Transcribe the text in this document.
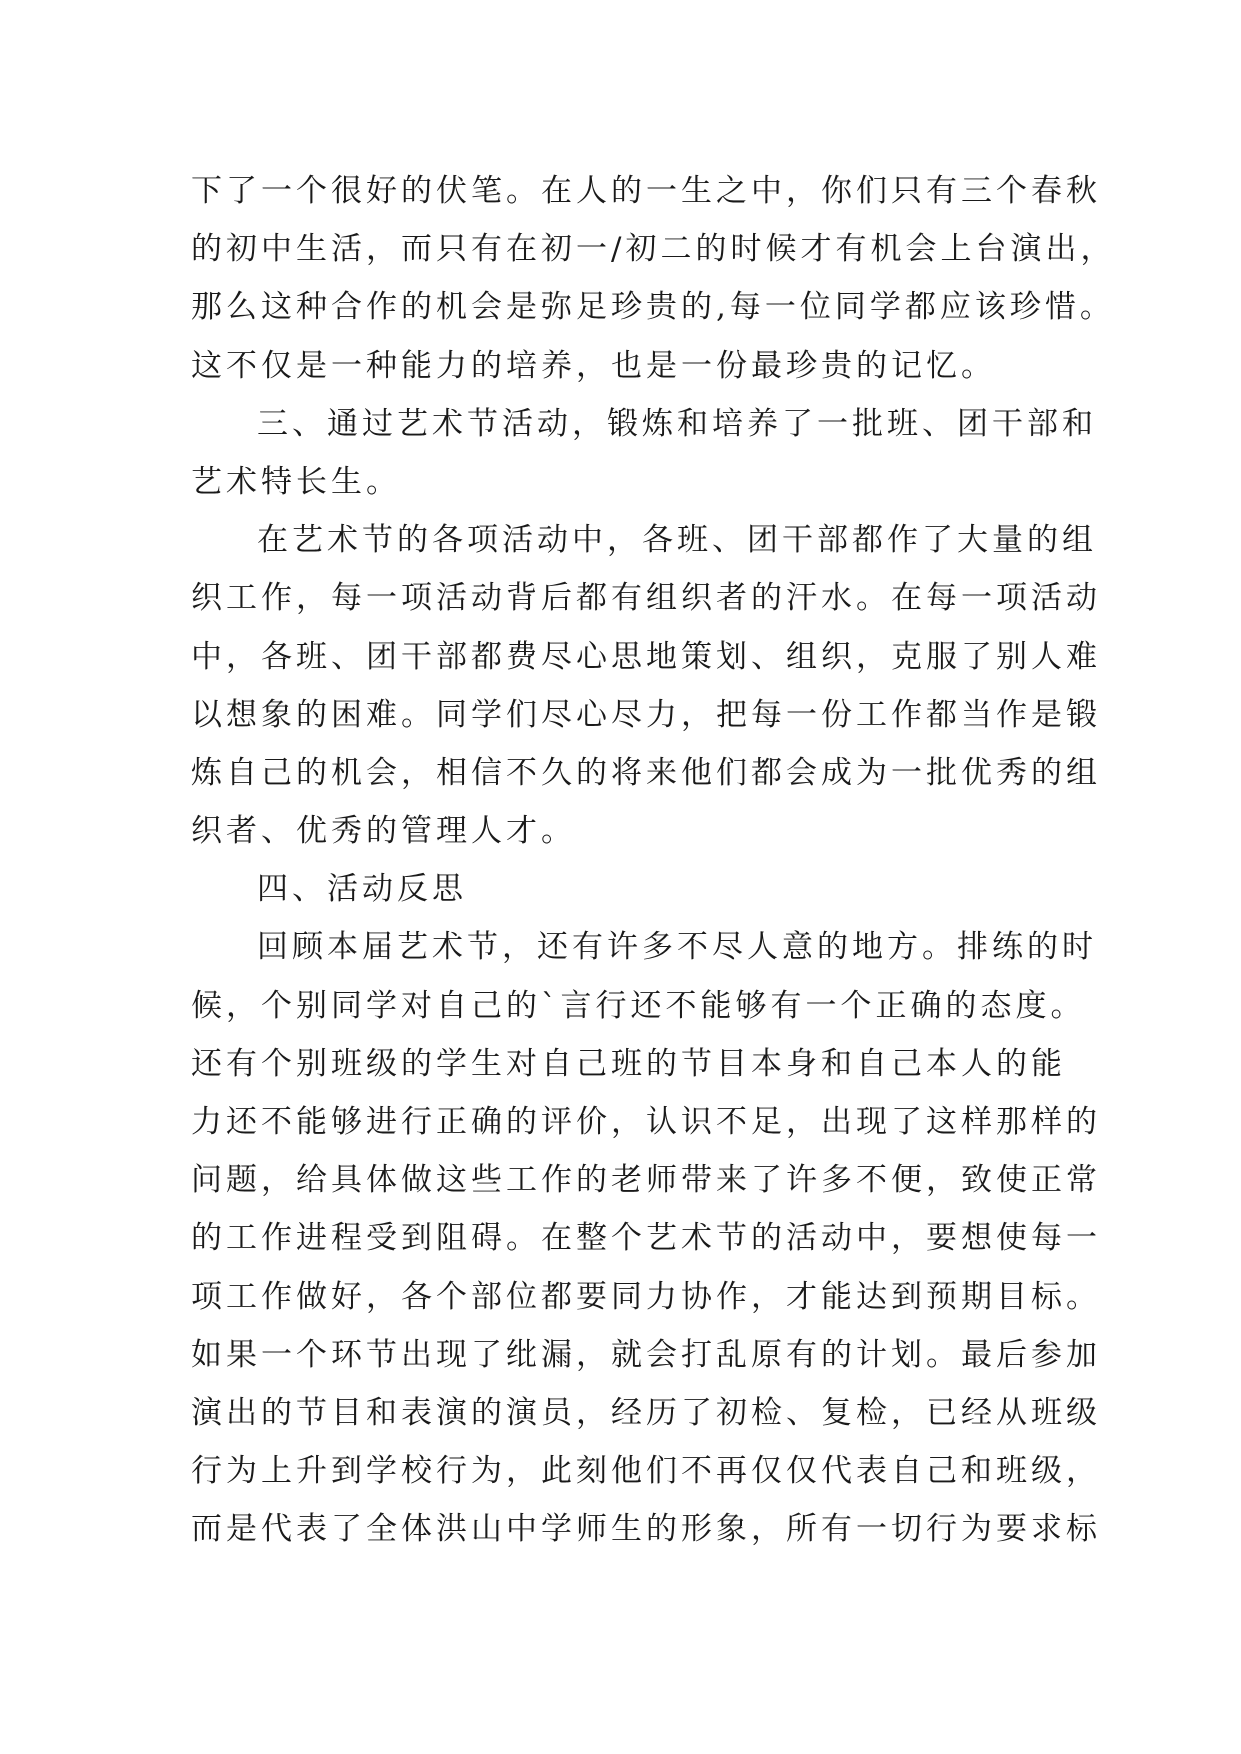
下了一个很好的伏笔。在人的一生之中，你们只有三个春秋
的初中生活，而只有在初一/初二的时候才有机会上台演出，
那么这种合作的机会是弥足珍贵的,每一位同学都应该珍惜。
这不仅是一种能力的培养，也是一份最珍贵的记忆。
三、通过艺术节活动，锻炼和培养了一批班、团干部和
艺术特长生。
在艺术节的各项活动中，各班、团干部都作了大量的组
织工作，每一项活动背后都有组织者的汗水。在每一项活动
中，各班、团干部都费尽心思地策划、组织，克服了别人难
以想象的困难。同学们尽心尽力，把每一份工作都当作是锻
炼自己的机会，相信不久的将来他们都会成为一批优秀的组
织者、优秀的管理人才。
四、活动反思
回顾本届艺术节，还有许多不尽人意的地方。排练的时
候，个别同学对自己的`言行还不能够有一个正确的态度。
还有个别班级的学生对自己班的节目本身和自己本人的能
力还不能够进行正确的评价，认识不足，出现了这样那样的
问题，给具体做这些工作的老师带来了许多不便，致使正常
的工作进程受到阻碍。在整个艺术节的活动中，要想使每一
项工作做好，各个部位都要同力协作，才能达到预期目标。
如果一个环节出现了纰漏，就会打乱原有的计划。最后参加
演出的节目和表演的演员，经历了初检、复检，已经从班级
行为上升到学校行为，此刻他们不再仅仅代表自己和班级，
而是代表了全体洪山中学师生的形象，所有一切行为要求标
